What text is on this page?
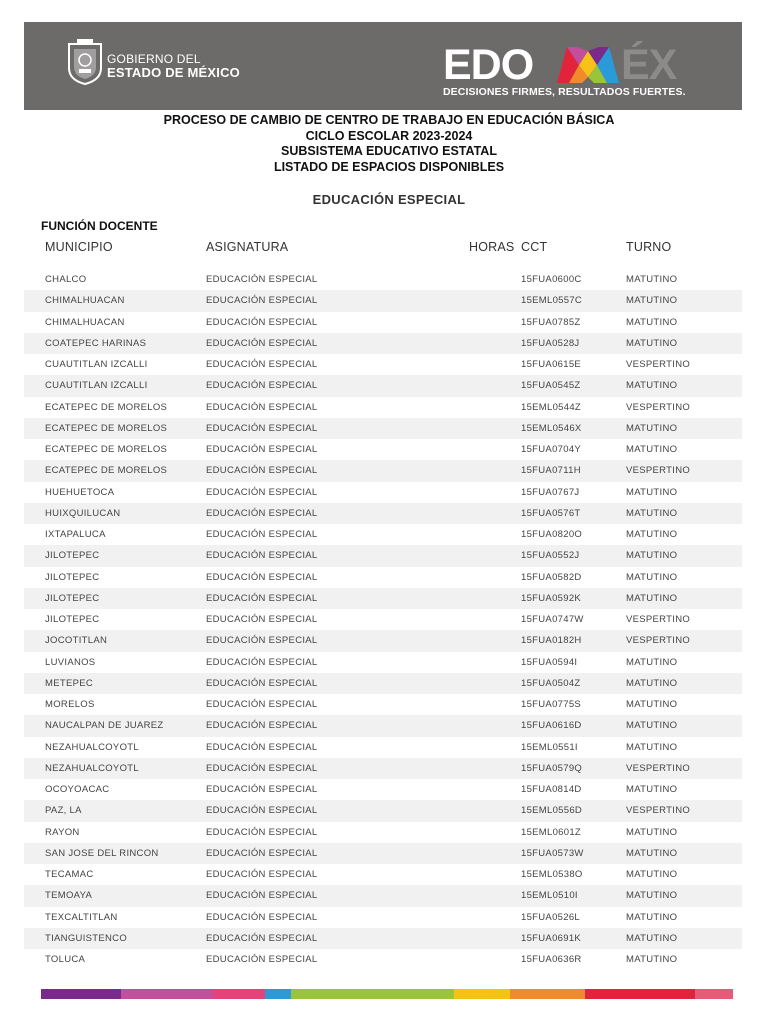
GOBIERNO DEL
ESTADO DE MÉXICO	EDO ÉX
DECISIONES FIRMES, RESULTADOS FUERTES.
PROCESO DE CAMBIO DE CENTRO DE TRABAJO EN EDUCACIÓN BÁSICA
CICLO ESCOLAR 2023-2024
SUBSISTEMA EDUCATIVO ESTATAL
LISTADO DE ESPACIOS DISPONIBLES
EDUCACIÓN ESPECIAL
FUNCIÓN DOCENTE
MUNICIPIO	ASIGNATURA	HORAS CCT	TURNO
CHALCO	EDUCACIÓN ESPECIAL	15FUA0600C	MATUTINO
CHIMALHUACAN	EDUCACIÓN ESPECIAL	15EML0557C	MATUTINO
CHIMALHUACAN	EDUCACIÓN ESPECIAL	15FUA0785Z	MATUTINO
COATEPEC HARINAS	EDUCACIÓN ESPECIAL	15FUA0528J	MATUTINO
CUAUTITLAN IZCALLI	EDUCACIÓN ESPECIAL	15FUA0615E	VESPERTINO
CUAUTITLAN IZCALLI	EDUCACIÓN ESPECIAL	15FUA0545Z	MATUTINO
ECATEPEC DE MORELOS	EDUCACIÓN ESPECIAL	15EML0544Z	VESPERTINO
ECATEPEC DE MORELOS	EDUCACIÓN ESPECIAL	15EML0546X	MATUTINO
ECATEPEC DE MORELOS	EDUCACIÓN ESPECIAL	15FUA0704Y	MATUTINO
ECATEPEC DE MORELOS	EDUCACIÓN ESPECIAL	15FUA0711H	VESPERTINO
HUEHUETOCA	EDUCACIÓN ESPECIAL	15FUA0767J	MATUTINO
HUIXQUILUCAN	EDUCACIÓN ESPECIAL	15FUA0576T	MATUTINO
IXTAPALUCA	EDUCACIÓN ESPECIAL	15FUA0820O	MATUTINO
JILOTEPEC	EDUCACIÓN ESPECIAL	15FUA0552J	MATUTINO
JILOTEPEC	EDUCACIÓN ESPECIAL	15FUA0582D	MATUTINO
JILOTEPEC	EDUCACIÓN ESPECIAL	15FUA0592K	MATUTINO
JILOTEPEC	EDUCACIÓN ESPECIAL	15FUA0747W	VESPERTINO
JOCOTITLAN	EDUCACIÓN ESPECIAL	15FUA0182H	VESPERTINO
LUVIANOS	EDUCACIÓN ESPECIAL	15FUA0594I	MATUTINO
METEPEC	EDUCACIÓN ESPECIAL	15FUA0504Z	MATUTINO
MORELOS	EDUCACIÓN ESPECIAL	15FUA0775S	MATUTINO
NAUCALPAN DE JUAREZ	EDUCACIÓN ESPECIAL	15FUA0616D	MATUTINO
NEZAHUALCOYOTL	EDUCACIÓN ESPECIAL	15EML0551I	MATUTINO
NEZAHUALCOYOTL	EDUCACIÓN ESPECIAL	15FUA0579Q	VESPERTINO
OCOYOACAC	EDUCACIÓN ESPECIAL	15FUA0814D	MATUTINO
PAZ, LA	EDUCACIÓN ESPECIAL	15EML0556D	VESPERTINO
RAYON	EDUCACIÓN ESPECIAL	15EML0601Z	MATUTINO
SAN JOSE DEL RINCON	EDUCACIÓN ESPECIAL	15FUA0573W	MATUTINO
TECAMAC	EDUCACIÓN ESPECIAL	15EML0538O	MATUTINO
TEMOAYA	EDUCACIÓN ESPECIAL	15EML0510I	MATUTINO
TEXCALTITLAN	EDUCACIÓN ESPECIAL	15FUA0526L	MATUTINO
TIANGUISTENCO	EDUCACIÓN ESPECIAL	15FUA0691K	MATUTINO
TOLUCA	EDUCACIÓN ESPECIAL	15FUA0636R	MATUTINO
